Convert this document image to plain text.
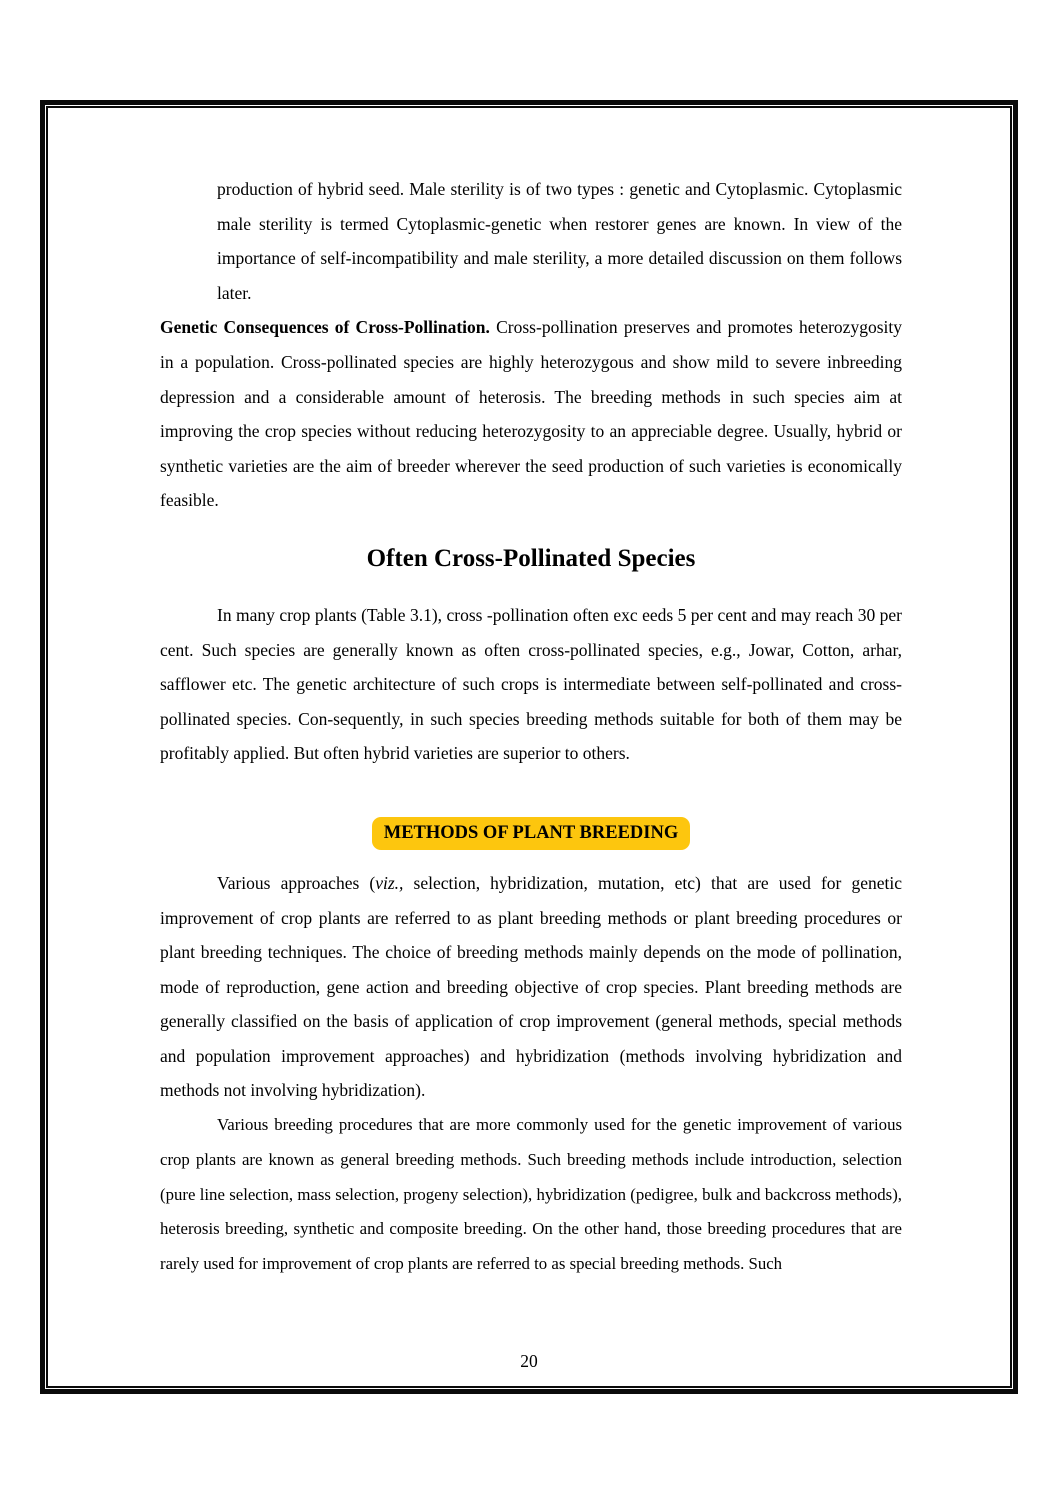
production of hybrid seed. Male sterility is of two types : genetic and Cytoplasmic. Cytoplasmic male sterility is termed Cytoplasmic-genetic when restorer genes are known. In view of the importance of self-incompatibility and male sterility, a more detailed discussion on them follows later.

Genetic Consequences of Cross-Pollination. Cross-pollination preserves and promotes heterozygosity in a population. Cross-pollinated species are highly heterozygous and show mild to severe inbreeding depression and a considerable amount of heterosis. The breeding methods in such species aim at improving the crop species without reducing heterozygosity to an appreciable degree. Usually, hybrid or synthetic varieties are the aim of breeder wherever the seed production of such varieties is economically feasible.

Often Cross-Pollinated Species

In many crop plants (Table 3.1), cross -pollination often exc eeds 5 per cent and may reach 30 per cent. Such species are generally known as often cross-pollinated species, e.g., Jowar, Cotton, arhar, safflower etc. The genetic architecture of such crops is intermediate between self-pollinated and cross-pollinated species. Con-sequently, in such species breeding methods suitable for both of them may be profitably applied. But often hybrid varieties are superior to others.

METHODS OF PLANT BREEDING

Various approaches (viz., selection, hybridization, mutation, etc) that are used for genetic improvement of crop plants are referred to as plant breeding methods or plant breeding procedures or plant breeding techniques. The choice of breeding methods mainly depends on the mode of pollination, mode of reproduction, gene action and breeding objective of crop species. Plant breeding methods are generally classified on the basis of application of crop improvement (general methods, special methods and population improvement approaches) and hybridization (methods involving hybridization and methods not involving hybridization).

Various breeding procedures that are more commonly used for the genetic improvement of various crop plants are known as general breeding methods. Such breeding methods include introduction, selection (pure line selection, mass selection, progeny selection), hybridization (pedigree, bulk and backcross methods), heterosis breeding, synthetic and composite breeding. On the other hand, those breeding procedures that are rarely used for improvement of crop plants are referred to as special breeding methods. Such

20
